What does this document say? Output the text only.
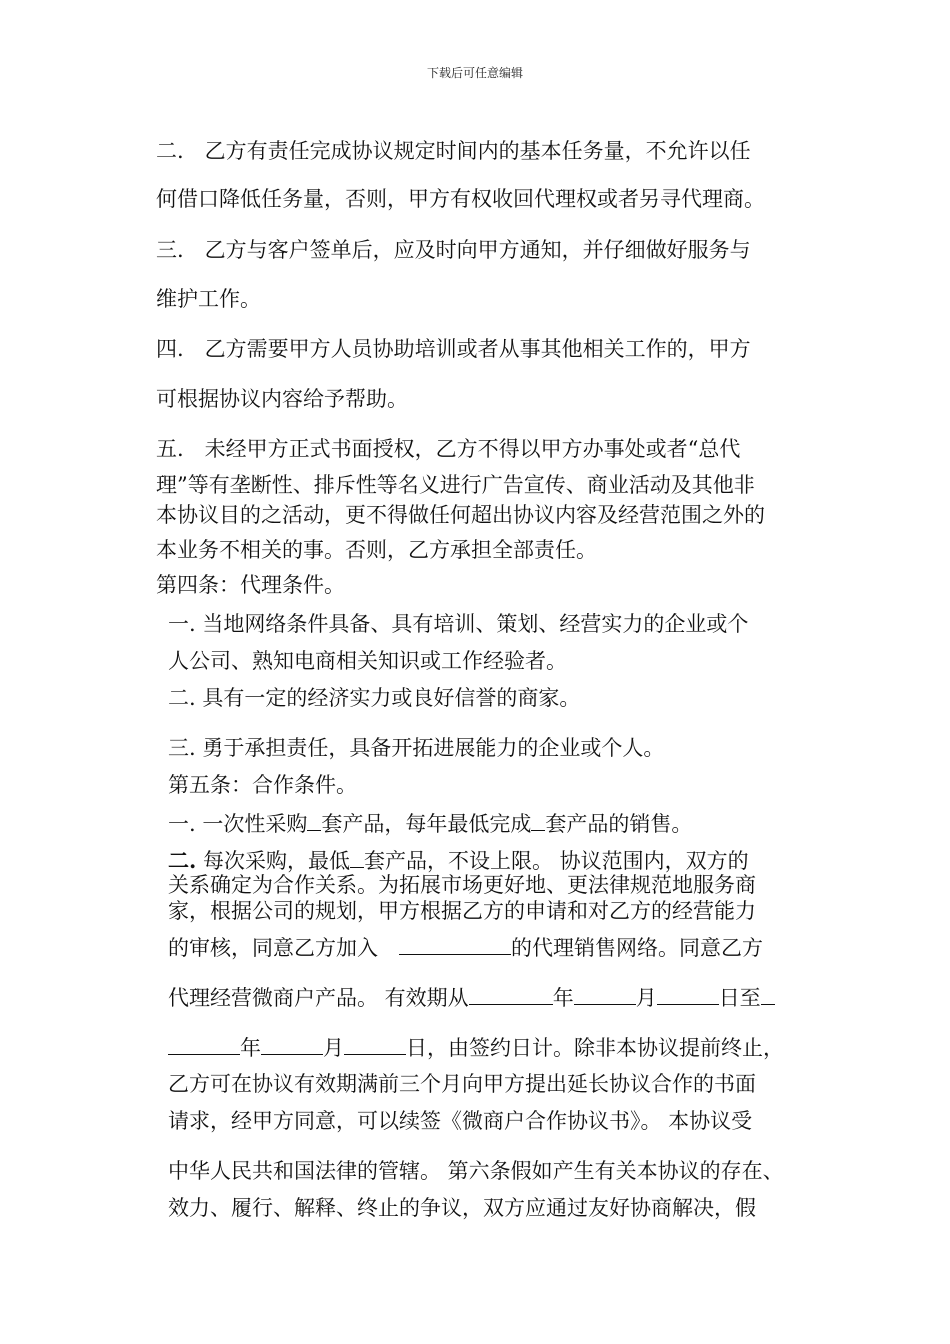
下载后可任意编辑
二.　乙方有责任完成协议规定时间内的基本任务量，不允许以任
何借口降低任务量，否则，甲方有权收回代理权或者另寻代理商。
三.　乙方与客户签单后，应及时向甲方通知，并仔细做好服务与
维护工作。
四.　乙方需要甲方人员协助培训或者从事其他相关工作的，甲方
可根据协议内容给予帮助。
五.　未经甲方正式书面授权，乙方不得以甲方办事处或者“总代
理”等有垄断性、排斥性等名义进行广告宣传、商业活动及其他非
本协议目的之活动，更不得做任何超出协议内容及经营范围之外的
本业务不相关的事。否则，乙方承担全部责任。
第四条：代理条件。
一. 当地网络条件具备、具有培训、策划、经营实力的企业或个
人公司、熟知电商相关知识或工作经验者。
二. 具有一定的经济实力或良好信誉的商家。
三. 勇于承担责任，具备开拓进展能力的企业或个人。
第五条：合作条件。
一. 一次性采购 套产品，每年最低完成 套产品的销售。
二. 每次采购，最低 套产品，不设上限。 协议范围内，双方的
关系确定为合作关系。为拓展市场更好地、更法律规范地服务商
家，根据公司的规划，甲方根据乙方的申请和对乙方的经营能力
的审核，同意乙方加入　	的代理销售网络。同意乙方
代理经营微商户产品。 有效期从	年	月	日至
年	月	日，由签约日计。除非本协议提前终止，
乙方可在协议有效期满前三个月向甲方提出延长协议合作的书面
请求，经甲方同意，可以续签《微商户合作协议书》。 本协议受
中华人民共和国法律的管辖。 第六条假如产生有关本协议的存在、
效力、履行、解释、终止的争议，双方应通过友好协商解决，假
